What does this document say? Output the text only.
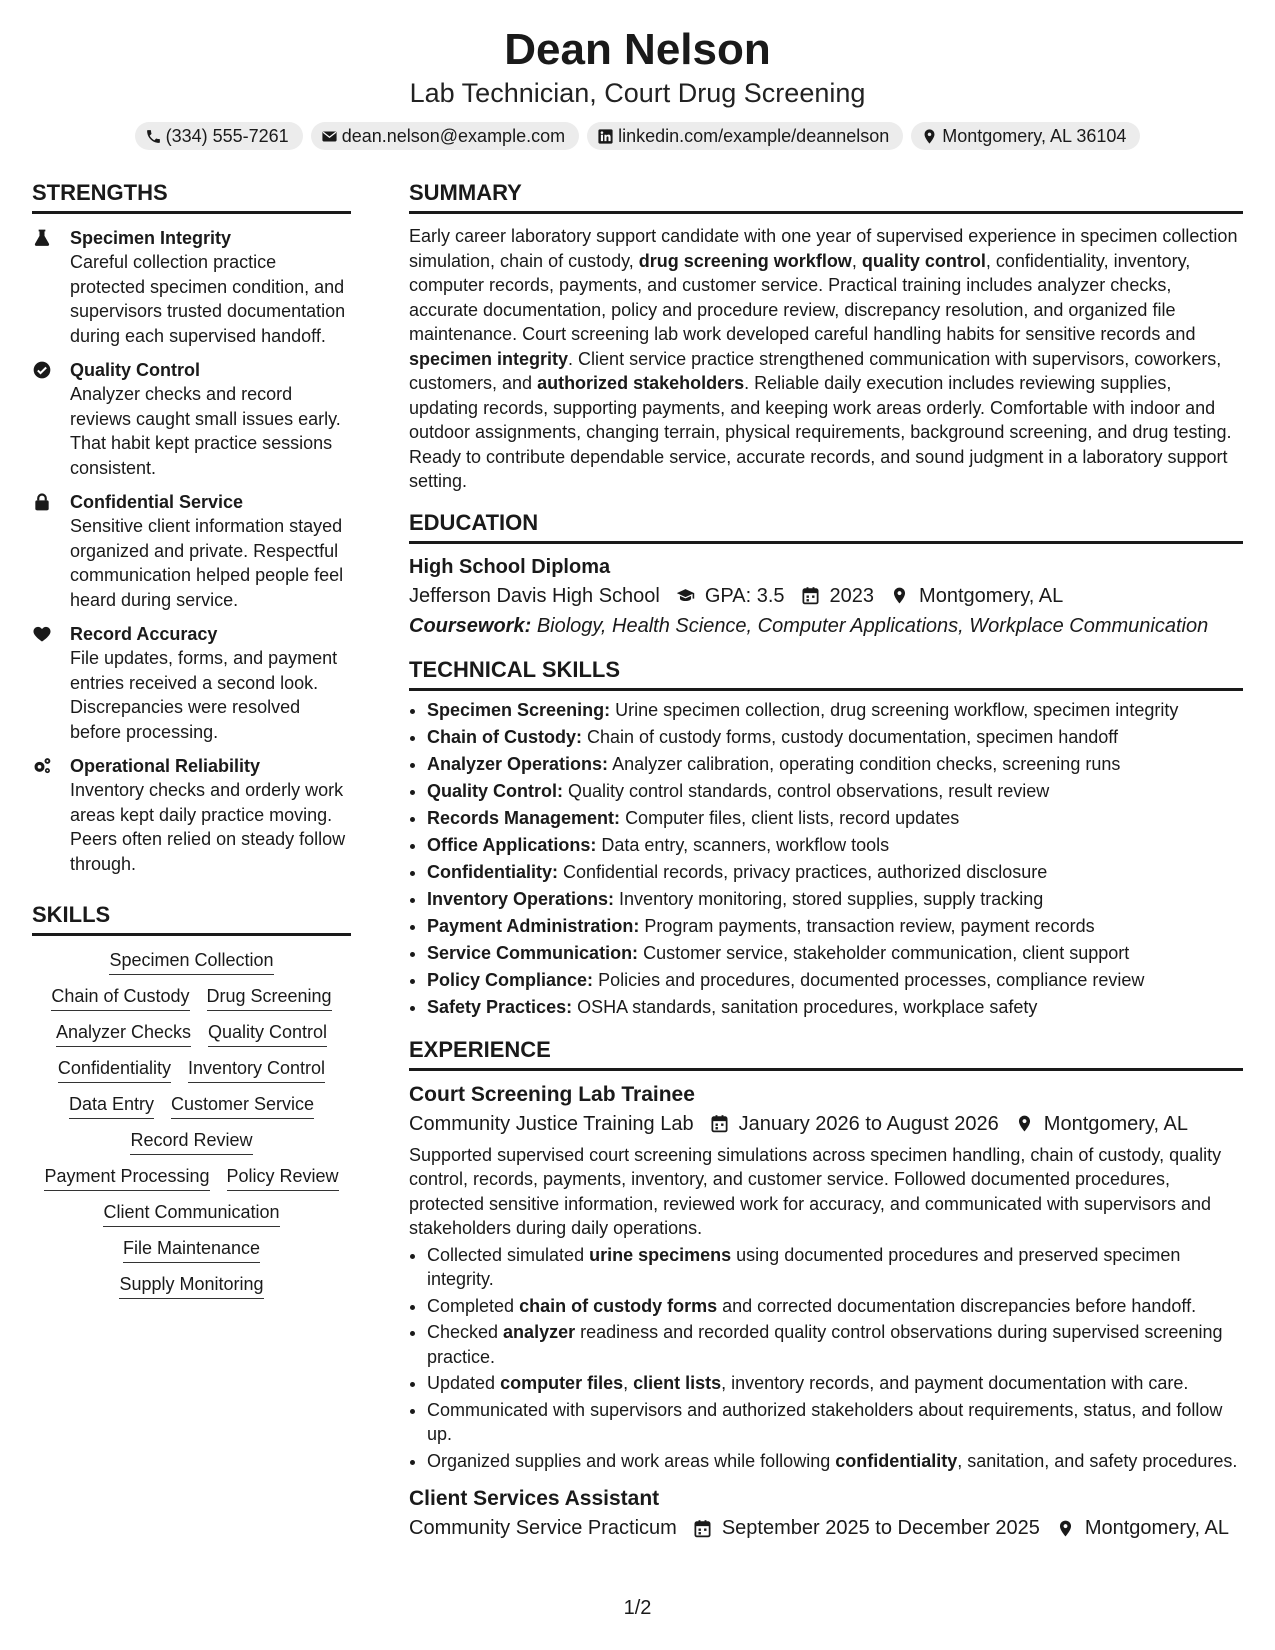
Dean Nelson

Lab Technician, Court Drug Screening

(334) 555-7261	dean.nelson@example.com	linkedin.com/example/deannelson	Montgomery, AL 36104
STRENGTHS
Specimen Integrity
Careful collection practice protected specimen condition, and supervisors trusted documentation during each supervised handoff.
Quality Control
Analyzer checks and record reviews caught small issues early. That habit kept practice sessions consistent.
Confidential Service
Sensitive client information stayed organized and private. Respectful communication helped people feel heard during service.
Record Accuracy
File updates, forms, and payment entries received a second look. Discrepancies were resolved before processing.
Operational Reliability
Inventory checks and orderly work areas kept daily practice moving. Peers often relied on steady follow through.
SKILLS
Specimen Collection
Chain of Custody Drug Screening
Analyzer Checks Quality Control
Confidentiality Inventory Control
Data Entry Customer Service
Record Review
Payment Processing Policy Review
Client Communication
File Maintenance
Supply Monitoring
SUMMARY

Early career laboratory support candidate with one year of supervised experience in specimen collection simulation, chain of custody, drug screening workflow, quality control, confidentiality, inventory, computer records, payments, and customer service. Practical training includes analyzer checks, accurate documentation, policy and procedure review, discrepancy resolution, and organized file maintenance. Court screening lab work developed careful handling habits for sensitive records and specimen integrity. Client service practice strengthened communication with supervisors, coworkers, customers, and authorized stakeholders. Reliable daily execution includes reviewing supplies, updating records, supporting payments, and keeping work areas orderly. Comfortable with indoor and outdoor assignments, changing terrain, physical requirements, background screening, and drug testing. Ready to contribute dependable service, accurate records, and sound judgment in a laboratory support setting.

EDUCATION
High School Diploma
Jefferson Davis High School GPA: 3.5 2023 Montgomery, AL
Coursework: Biology, Health Science, Computer Applications, Workplace Communication
TECHNICAL SKILLS
• Specimen Screening: Urine specimen collection, drug screening workflow, specimen integrity
• Chain of Custody: Chain of custody forms, custody documentation, specimen handoff
• Analyzer Operations: Analyzer calibration, operating condition checks, screening runs
• Quality Control: Quality control standards, control observations, result review
• Records Management: Computer files, client lists, record updates
• Office Applications: Data entry, scanners, workflow tools
• Confidentiality: Confidential records, privacy practices, authorized disclosure
• Inventory Operations: Inventory monitoring, stored supplies, supply tracking
• Payment Administration: Program payments, transaction review, payment records
• Service Communication: Customer service, stakeholder communication, client support
• Policy Compliance: Policies and procedures, documented processes, compliance review
• Safety Practices: OSHA standards, sanitation procedures, workplace safety
EXPERIENCE
Court Screening Lab Trainee
Community Justice Training Lab January 2026 to August 2026 Montgomery, AL
Supported supervised court screening simulations across specimen handling, chain of custody, quality control, records, payments, inventory, and customer service. Followed documented procedures, protected sensitive information, reviewed work for accuracy, and communicated with supervisors and stakeholders during daily operations.
• Collected simulated urine specimens using documented procedures and preserved specimen integrity.
• Completed chain of custody forms and corrected documentation discrepancies before handoff.
• Checked analyzer readiness and recorded quality control observations during supervised screening practice.
• Updated computer files, client lists, inventory records, and payment documentation with care.
• Communicated with supervisors and authorized stakeholders about requirements, status, and follow up.
• Organized supplies and work areas while following confidentiality, sanitation, and safety procedures.
Client Services Assistant
Community Service Practicum September 2025 to December 2025 Montgomery, AL
1/2
